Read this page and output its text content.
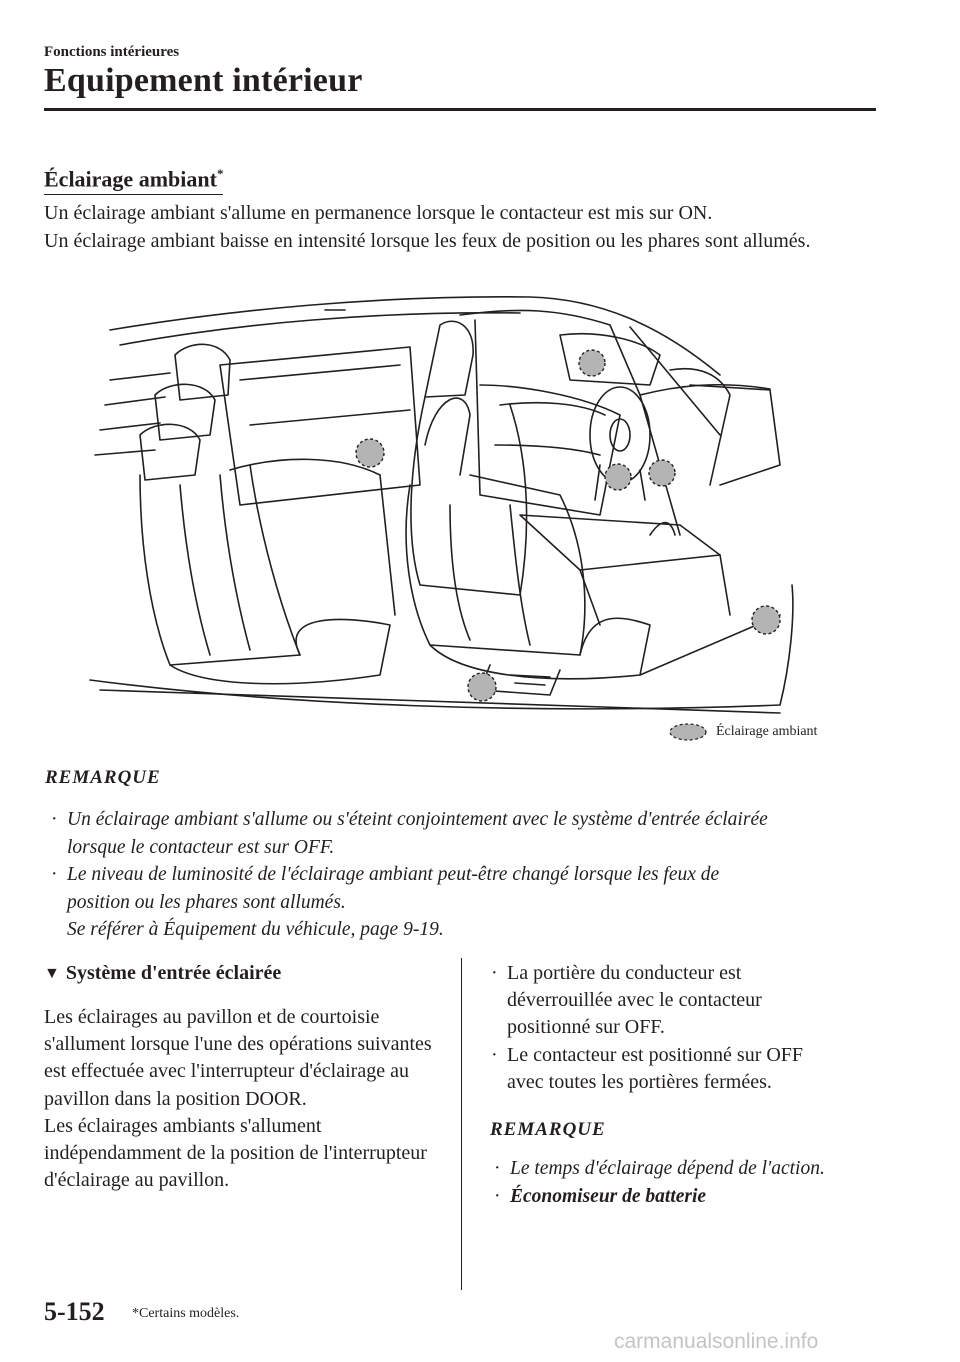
Fonctions intérieures
Equipement intérieur
Éclairage ambiant*

Un éclairage ambiant s'allume en permanence lorsque le contacteur est mis sur ON.

Un éclairage ambiant baisse en intensité lorsque les feux de position ou les phares sont allumés.

Éclairage ambiant
REMARQUE
· Un éclairage ambiant s'allume ou s'éteint conjointement avec le système d'entrée éclairée
lorsque le contacteur est sur OFF.
· Le niveau de luminosité de l'éclairage ambiant peut-être changé lorsque les feux de
position ou les phares sont allumés.
Se référer à Équipement du véhicule, page 9-19.
▼ Système d'entrée éclairée

Les éclairages au pavillon et de courtoisie s'allument lorsque l'une des opérations suivantes est effectuée avec l'interrupteur d'éclairage au pavillon dans la position DOOR.

Les éclairages ambiants s'allument indépendamment de la position de l'interrupteur d'éclairage au pavillon.

· La portière du conducteur est
déverrouillée avec le contacteur
positionné sur OFF.
· Le contacteur est positionné sur OFF
avec toutes les portières fermées.
REMARQUE
· Le temps d'éclairage dépend de l'action.
· Économiseur de batterie
5-152 *Certains modèles.
carmanualsonline.info
